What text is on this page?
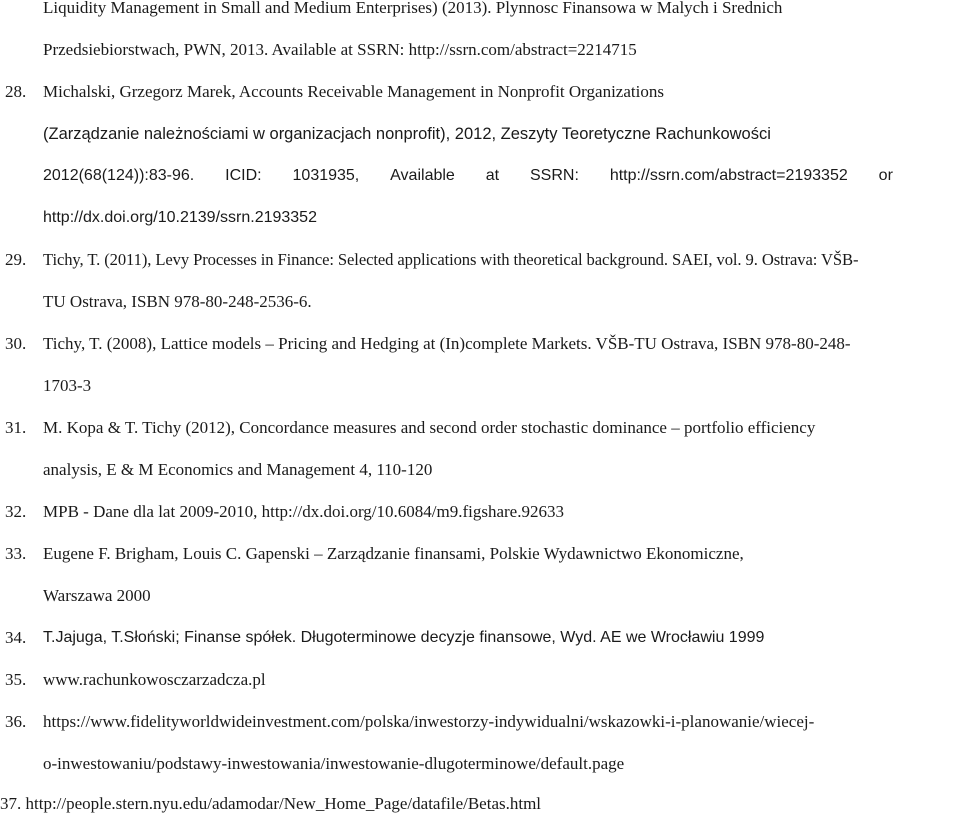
Liquidity Management in Small and Medium Enterprises) (2013). Plynnosc Finansowa w Malych i Srednich
Przedsiebiorstwach, PWN, 2013. Available at SSRN: http://ssrn.com/abstract=2214715
28. Michalski, Grzegorz Marek, Accounts Receivable Management in Nonprofit Organizations
(Zarządzanie należnościami w organizacjach nonprofit), 2012, Zeszyty Teoretyczne Rachunkowości
2012(68(124)):83-96. ICID: 1031935, Available at SSRN: http://ssrn.com/abstract=2193352 or
http://dx.doi.org/10.2139/ssrn.2193352
29. Tichy, T. (2011), Levy Processes in Finance: Selected applications with theoretical background. SAEI, vol. 9. Ostrava: VŠB-
TU Ostrava, ISBN 978-80-248-2536-6.
30. Tichy, T. (2008), Lattice models – Pricing and Hedging at (In)complete Markets. VŠB-TU Ostrava, ISBN 978-80-248-
1703-3
31. M. Kopa & T. Tichy (2012), Concordance measures and second order stochastic dominance – portfolio efficiency
analysis, E & M Economics and Management 4, 110-120
32. MPB - Dane dla lat 2009-2010, http://dx.doi.org/10.6084/m9.figshare.92633
33. Eugene F. Brigham, Louis C. Gapenski – Zarządzanie finansami, Polskie Wydawnictwo Ekonomiczne,
Warszawa 2000
34. T.Jajuga, T.Słoński; Finanse spółek. Długoterminowe decyzje finansowe, Wyd. AE we Wrocławiu 1999
35. www.rachunkowosczarzadcza.pl
36. https://www.fidelityworldwideinvestment.com/polska/inwestorzy-indywidualni/wskazowki-i-planowanie/wiecej-
o-inwestowaniu/podstawy-inwestowania/inwestowanie-dlugoterminowe/default.page
37. http://people.stern.nyu.edu/adamodar/New_Home_Page/datafile/Betas.html
